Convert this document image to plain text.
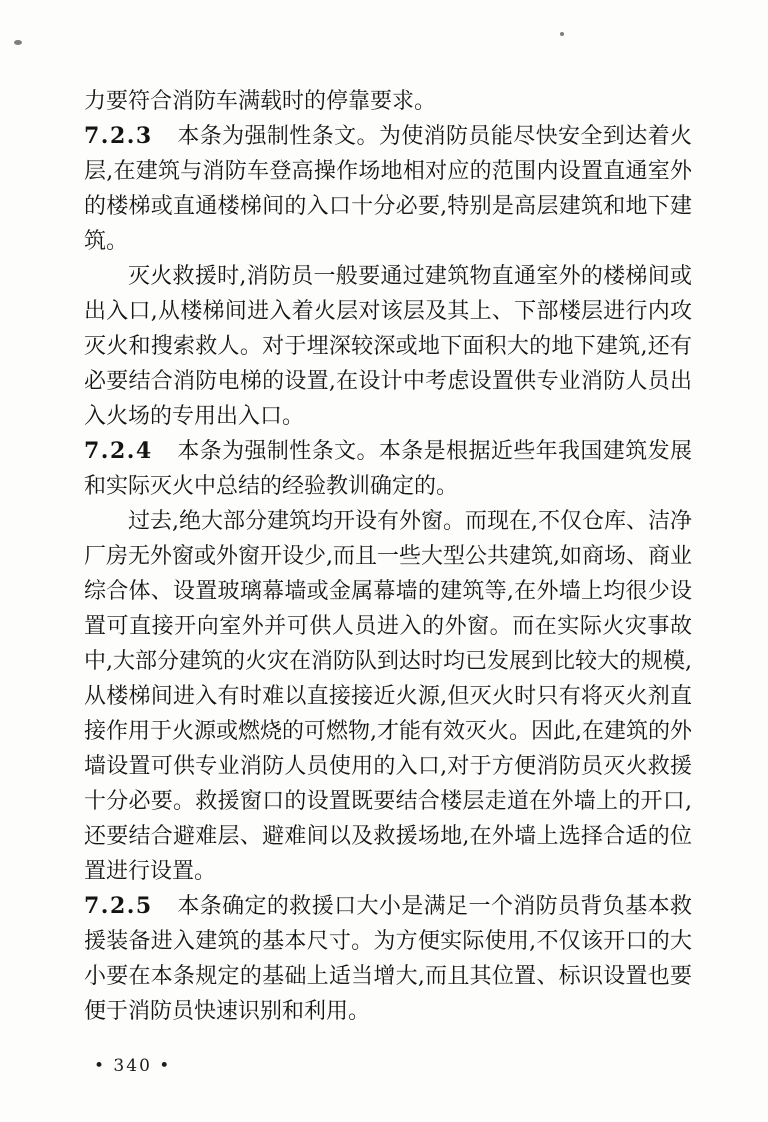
力要符合消防车满载时的停靠要求。

7.2.3 本条为强制性条文。为使消防员能尽快安全到达着火层,在建筑与消防车登高操作场地相对应的范围内设置直通室外的楼梯或直通楼梯间的入口十分必要,特别是高层建筑和地下建筑。

灭火救援时,消防员一般要通过建筑物直通室外的楼梯间或出入口,从楼梯间进入着火层对该层及其上、下部楼层进行内攻灭火和搜索救人。对于埋深较深或地下面积大的地下建筑,还有必要结合消防电梯的设置,在设计中考虑设置供专业消防人员出入火场的专用出入口。

7.2.4 本条为强制性条文。本条是根据近些年我国建筑发展和实际灭火中总结的经验教训确定的。

过去,绝大部分建筑均开设有外窗。而现在,不仅仓库、洁净厂房无外窗或外窗开设少,而且一些大型公共建筑,如商场、商业综合体、设置玻璃幕墙或金属幕墙的建筑等,在外墙上均很少设置可直接开向室外并可供人员进入的外窗。而在实际火灾事故中,大部分建筑的火灾在消防队到达时均已发展到比较大的规模,从楼梯间进入有时难以直接接近火源,但灭火时只有将灭火剂直接作用于火源或燃烧的可燃物,才能有效灭火。因此,在建筑的外墙设置可供专业消防人员使用的入口,对于方便消防员灭火救援十分必要。救援窗口的设置既要结合楼层走道在外墙上的开口,还要结合避难层、避难间以及救援场地,在外墙上选择合适的位置进行设置。

7.2.5 本条确定的救援口大小是满足一个消防员背负基本救援装备进入建筑的基本尺寸。为方便实际使用,不仅该开口的大小要在本条规定的基础上适当增大,而且其位置、标识设置也要便于消防员快速识别和利用。

• 340 •
